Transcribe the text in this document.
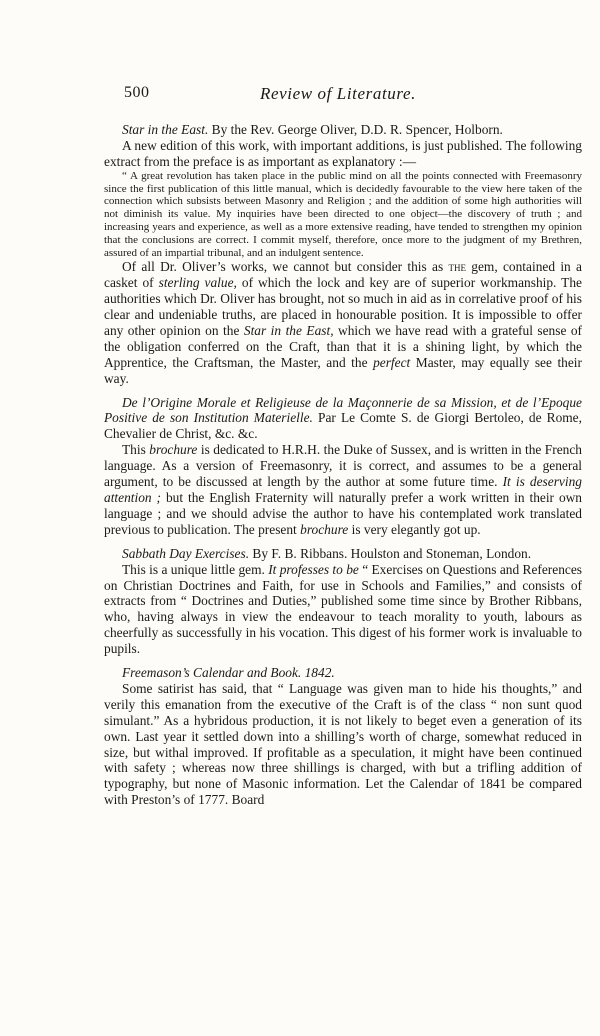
500	Review of Literature.

Star in the East. By the Rev. George Oliver, D.D. R. Spencer, Holborn.

A new edition of this work, with important additions, is just published. The following extract from the preface is as important as explanatory :—

“ A great revolution has taken place in the public mind on all the points connected with Freemasonry since the first publication of this little manual, which is decidedly favourable to the view here taken of the connection which subsists between Masonry and Religion ; and the addition of some high authorities will not diminish its value. My inquiries have been directed to one object—the discovery of truth ; and increasing years and experience, as well as a more extensive reading, have tended to strengthen my opinion that the conclusions are correct. I commit myself, therefore, once more to the judgment of my Brethren, assured of an impartial tribunal, and an indulgent sentence.

Of all Dr. Oliver’s works, we cannot but consider this as the gem, contained in a casket of sterling value, of which the lock and key are of superior workmanship. The authorities which Dr. Oliver has brought, not so much in aid as in correlative proof of his clear and undeniable truths, are placed in honourable position. It is impossible to offer any other opinion on the Star in the East, which we have read with a grateful sense of the obligation conferred on the Craft, than that it is a shining light, by which the Apprentice, the Craftsman, the Master, and the perfect Master, may equally see their way.

De l’Origine Morale et Religieuse de la Maçonnerie de sa Mission, et de l’Epoque Positive de son Institution Materielle. Par Le Comte S. de Giorgi Bertoleo, de Rome, Chevalier de Christ, &c. &c.

This brochure is dedicated to H.R.H. the Duke of Sussex, and is written in the French language. As a version of Freemasonry, it is correct, and assumes to be a general argument, to be discussed at length by the author at some future time. It is deserving attention ; but the English Fraternity will naturally prefer a work written in their own language ; and we should advise the author to have his contemplated work translated previous to publication. The present brochure is very elegantly got up.

Sabbath Day Exercises. By F. B. Ribbans. Houlston and Stoneman, London.

This is a unique little gem. It professes to be “ Exercises on Questions and References on Christian Doctrines and Faith, for use in Schools and Families,” and consists of extracts from “ Doctrines and Duties,” published some time since by Brother Ribbans, who, having always in view the endeavour to teach morality to youth, labours as cheerfully as successfully in his vocation. This digest of his former work is invaluable to pupils.

Freemason’s Calendar and Book. 1842.

Some satirist has said, that “ Language was given man to hide his thoughts,” and verily this emanation from the executive of the Craft is of the class “ non sunt quod simulant.” As a hybridous production, it is not likely to beget even a generation of its own. Last year it settled down into a shilling’s worth of charge, somewhat reduced in size, but withal improved. If profitable as a speculation, it might have been continued with safety ; whereas now three shillings is charged, with but a trifling addition of typography, but none of Masonic information. Let the Calendar of 1841 be compared with Preston’s of 1777. Board
